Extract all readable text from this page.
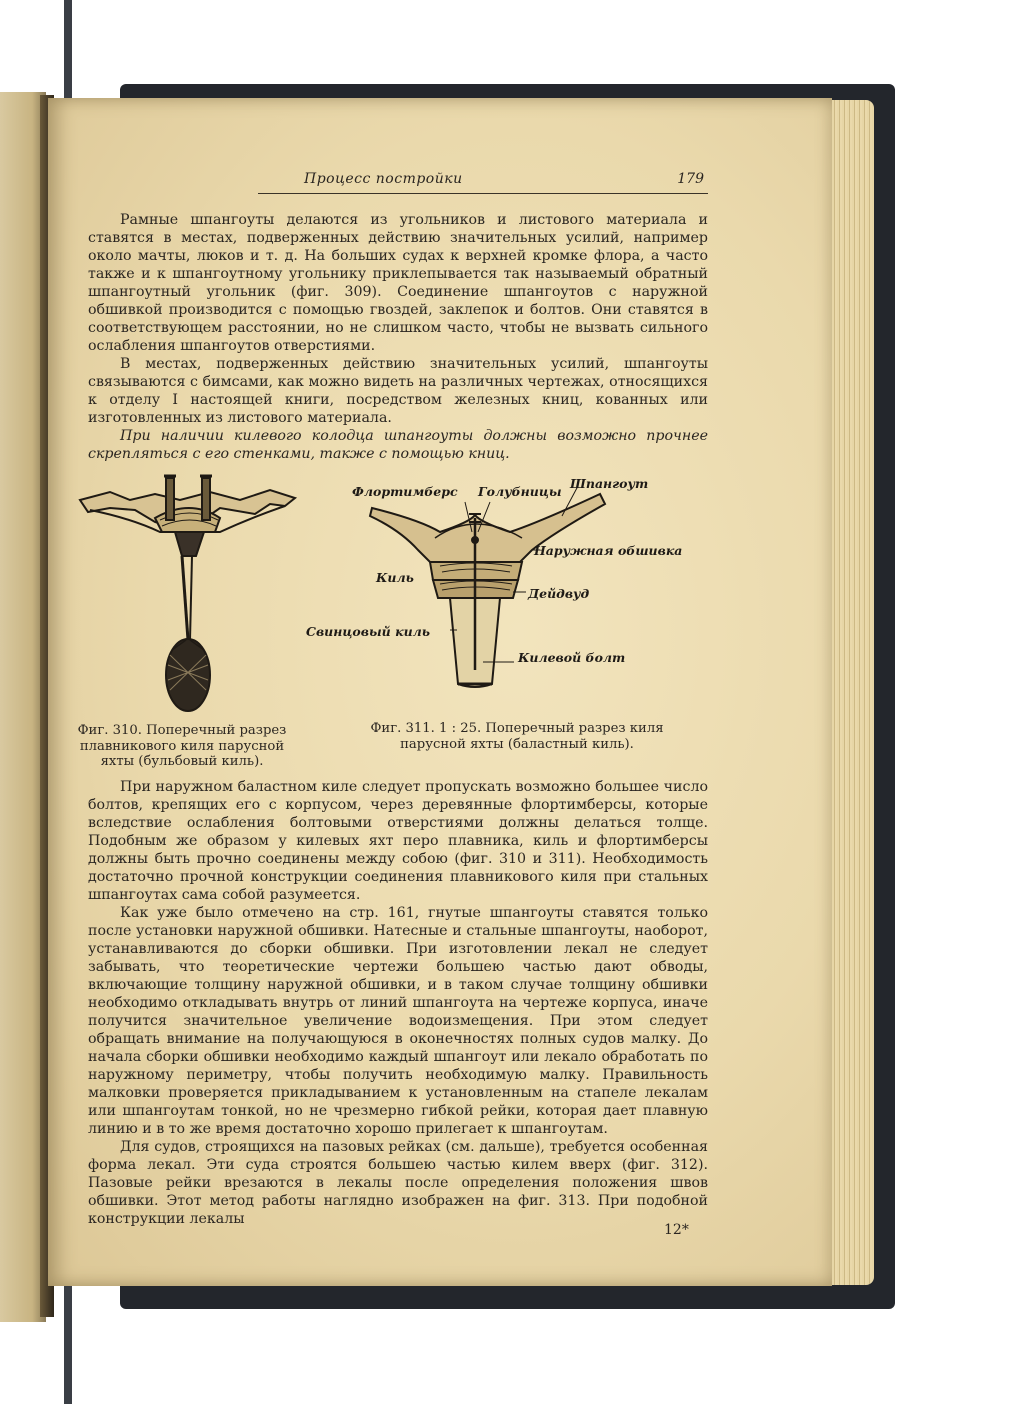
Процесс постройки	179

Рамные шпангоуты делаются из угольников и листового материала и ставятся в местах, подверженных действию значительных усилий, например около мачты, люков и т. д. На больших судах к верхней кромке флора, а часто также и к шпангоутному угольнику приклепывается так называемый обратный шпангоутный угольник (фиг. 309). Соединение шпангоутов с наружной обшивкой производится с помощью гвоздей, заклепок и болтов. Они ставятся в соответствующем расстоянии, но не слишком часто, чтобы не вызвать сильного ослабления шпангоутов отверстиями.

В местах, подверженных действию значительных усилий, шпангоуты связываются с бимсами, как можно видеть на различных чертежах, относящихся к отделу I настоящей книги, посредством железных книц, кованных или изготовленных из листового материала.

При наличии килевого колодца шпангоуты должны возможно прочнее скрепляться с его стенками, также с помощью книц.

Фиг. 310. Поперечный разрез плавникового киля парусной яхты (бульбовый киль).
Флортимберс Голубницы
Шпангоут
Наружная обшивка
Киль
Дейдвуд
Свинцовый киль
Килевой болт
Фиг. 311. 1 : 25. Поперечный разрез киля парусной яхты (баластный киль).

При наружном баластном киле следует пропускать возможно большее число болтов, крепящих его с корпусом, через деревянные флортимберсы, которые вследствие ослабления болтовыми отверстиями должны делаться толще. Подобным же образом у килевых яхт перо плавника, киль и флортимберсы должны быть прочно соединены между собою (фиг. 310 и 311). Необходимость достаточно прочной конструкции соединения плавникового киля при стальных шпангоутах сама собой разумеется.

Как уже было отмечено на стр. 161, гнутые шпангоуты ставятся только после установки наружной обшивки. Натесные и стальные шпангоуты, наоборот, устанавливаются до сборки обшивки. При изготовлении лекал не следует забывать, что теоретические чертежи большею частью дают обводы, включающие толщину наружной обшивки, и в таком случае толщину обшивки необходимо откладывать внутрь от линий шпангоута на чертеже корпуса, иначе получится значительное увеличение водоизмещения. При этом следует обращать внимание на получающуюся в оконечностях полных судов малку. До начала сборки обшивки необходимо каждый шпангоут или лекало обработать по наружному периметру, чтобы получить необходимую малку. Правильность малковки проверяется прикладыванием к установленным на стапеле лекалам или шпангоутам тонкой, но не чрезмерно гибкой рейки, которая дает плавную линию и в то же время достаточно хорошо прилегает к шпангоутам.

Для судов, строящихся на пазовых рейках (см. дальше), требуется особенная форма лекал. Эти суда строятся большею частью килем вверх (фиг. 312). Пазовые рейки врезаются в лекалы после определения положения швов обшивки. Этот метод работы наглядно изображен на фиг. 313. При подобной конструкции лекалы

12*
